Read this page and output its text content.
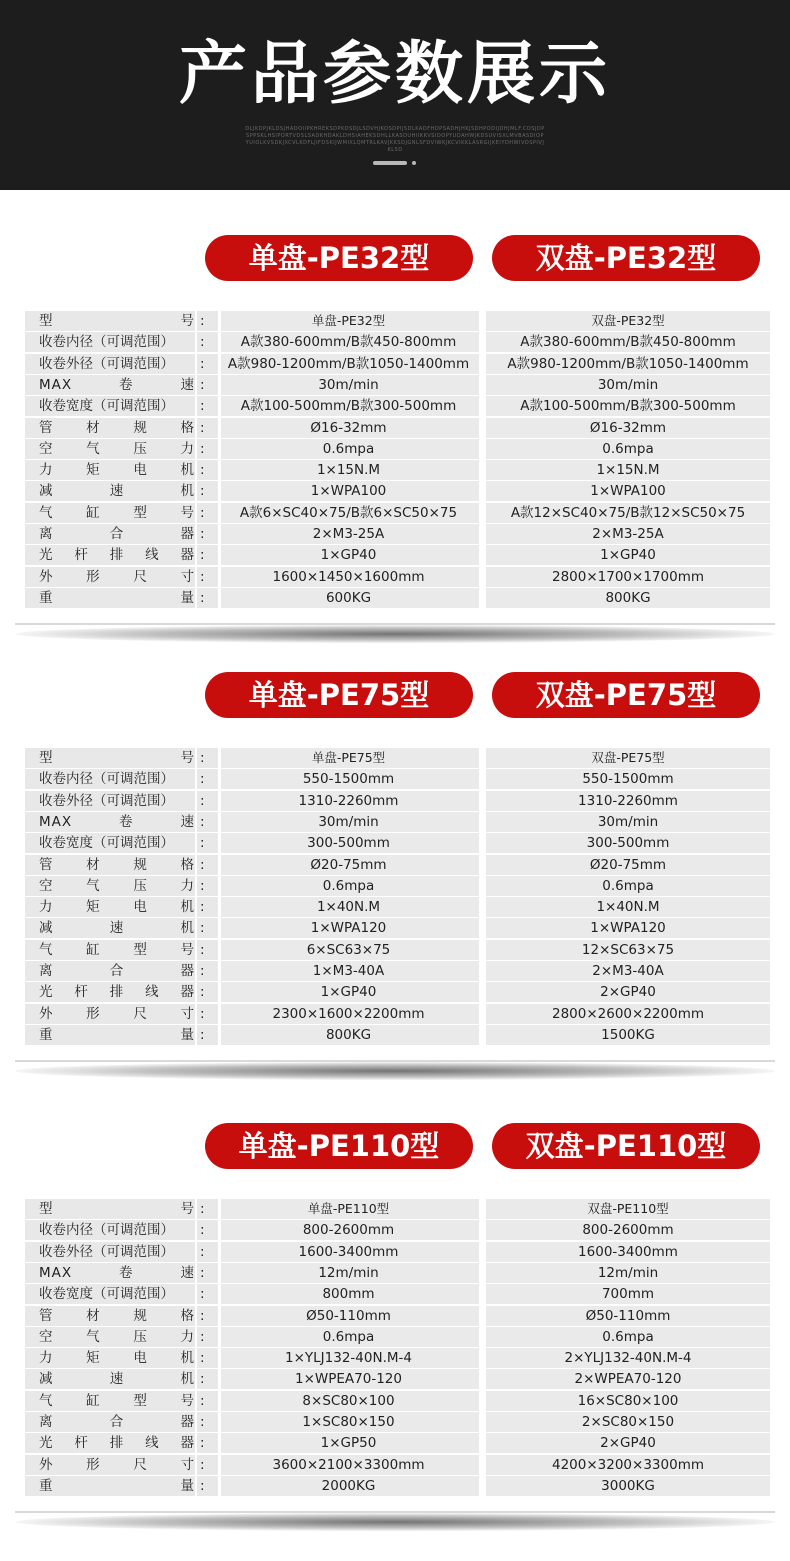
产品参数展示
DLJKDPJKLDSJHADOIIPKHREKSDPKDSDJLSDVHJKOSDPIJSDLKADFHDPSADHJHKJSDHPODIJDHJMLF.CDSJDPSPPSKLHSIPORTVDSLSADKHDAKLDHSIAHEKSDHLLKASDUHIIKKVSIDOPYUDAHWJKDSUVISXLMVBASDIOPYUIOLKVSDKJXCVLKDFLJIFDSKIJWMIXLQMTRLKAVJKKSDJGNLSFDVIWKJKCVIKKLASRGIJKEIYDHWIVDSPIVJKLSD
单盘-PE32型	双盘-PE32型
型　　号 :	单盘-PE32型	双盘-PE32型
收卷内径（可调范围）	:	A款380-600mm/B款450-800mm	A款380-600mm/B款450-800mm
收卷外径（可调范围）	:	A款980-1200mm/B款1050-1400mm	A款980-1200mm/B款1050-1400mm
MAX卷速 :	30m/min	30m/min
收卷宽度（可调范围）	:	A款100-500mm/B款300-500mm	A款100-500mm/B款300-500mm
管材规格 :	Ø16-32mm	Ø16-32mm
空气压力 :	0.6mpa	0.6mpa
力矩电机 :	1×15N.M	1×15N.M
减速机 :	1×WPA100	1×WPA100
气缸型号 :	A款6×SC40×75/B款6×SC50×75	A款12×SC40×75/B款12×SC50×75
离合器 :	2×M3-25A	2×M3-25A
光杆排线器 :	1×GP40	1×GP40
外形尺寸 :	1600×1450×1600mm	2800×1700×1700mm
重量 :	600KG	800KG
单盘-PE75型	双盘-PE75型
型　　号 :	单盘-PE75型	双盘-PE75型
收卷内径（可调范围）	:	550-1500mm	550-1500mm
收卷外径（可调范围）	:	1310-2260mm	1310-2260mm
MAX卷速 :	30m/min	30m/min
收卷宽度（可调范围）	:	300-500mm	300-500mm
管材规格 :	Ø20-75mm	Ø20-75mm
空气压力 :	0.6mpa	0.6mpa
力矩电机 :	1×40N.M	1×40N.M
减速机 :	1×WPA120	1×WPA120
气缸型号 :	6×SC63×75	12×SC63×75
离合器 :	1×M3-40A	2×M3-40A
光杆排线器 :	1×GP40	2×GP40
外形尺寸 :	2300×1600×2200mm	2800×2600×2200mm
重量 :	800KG	1500KG
单盘-PE110型	双盘-PE110型
型　　号 :	单盘-PE110型	双盘-PE110型
收卷内径（可调范围）	:	800-2600mm	800-2600mm
收卷外径（可调范围）	:	1600-3400mm	1600-3400mm
MAX卷速 :	12m/min	12m/min
收卷宽度（可调范围）	:	800mm	700mm
管材规格 :	Ø50-110mm	Ø50-110mm
空气压力 :	0.6mpa	0.6mpa
力矩电机 :	1×YLJ132-40N.M-4	2×YLJ132-40N.M-4
减速机 :	1×WPEA70-120	2×WPEA70-120
气缸型号 :	8×SC80×100	16×SC80×100
离合器 :	1×SC80×150	2×SC80×150
光杆排线器 :	1×GP50	2×GP40
外形尺寸 :	3600×2100×3300mm	4200×3200×3300mm
重量 :	2000KG	3000KG
